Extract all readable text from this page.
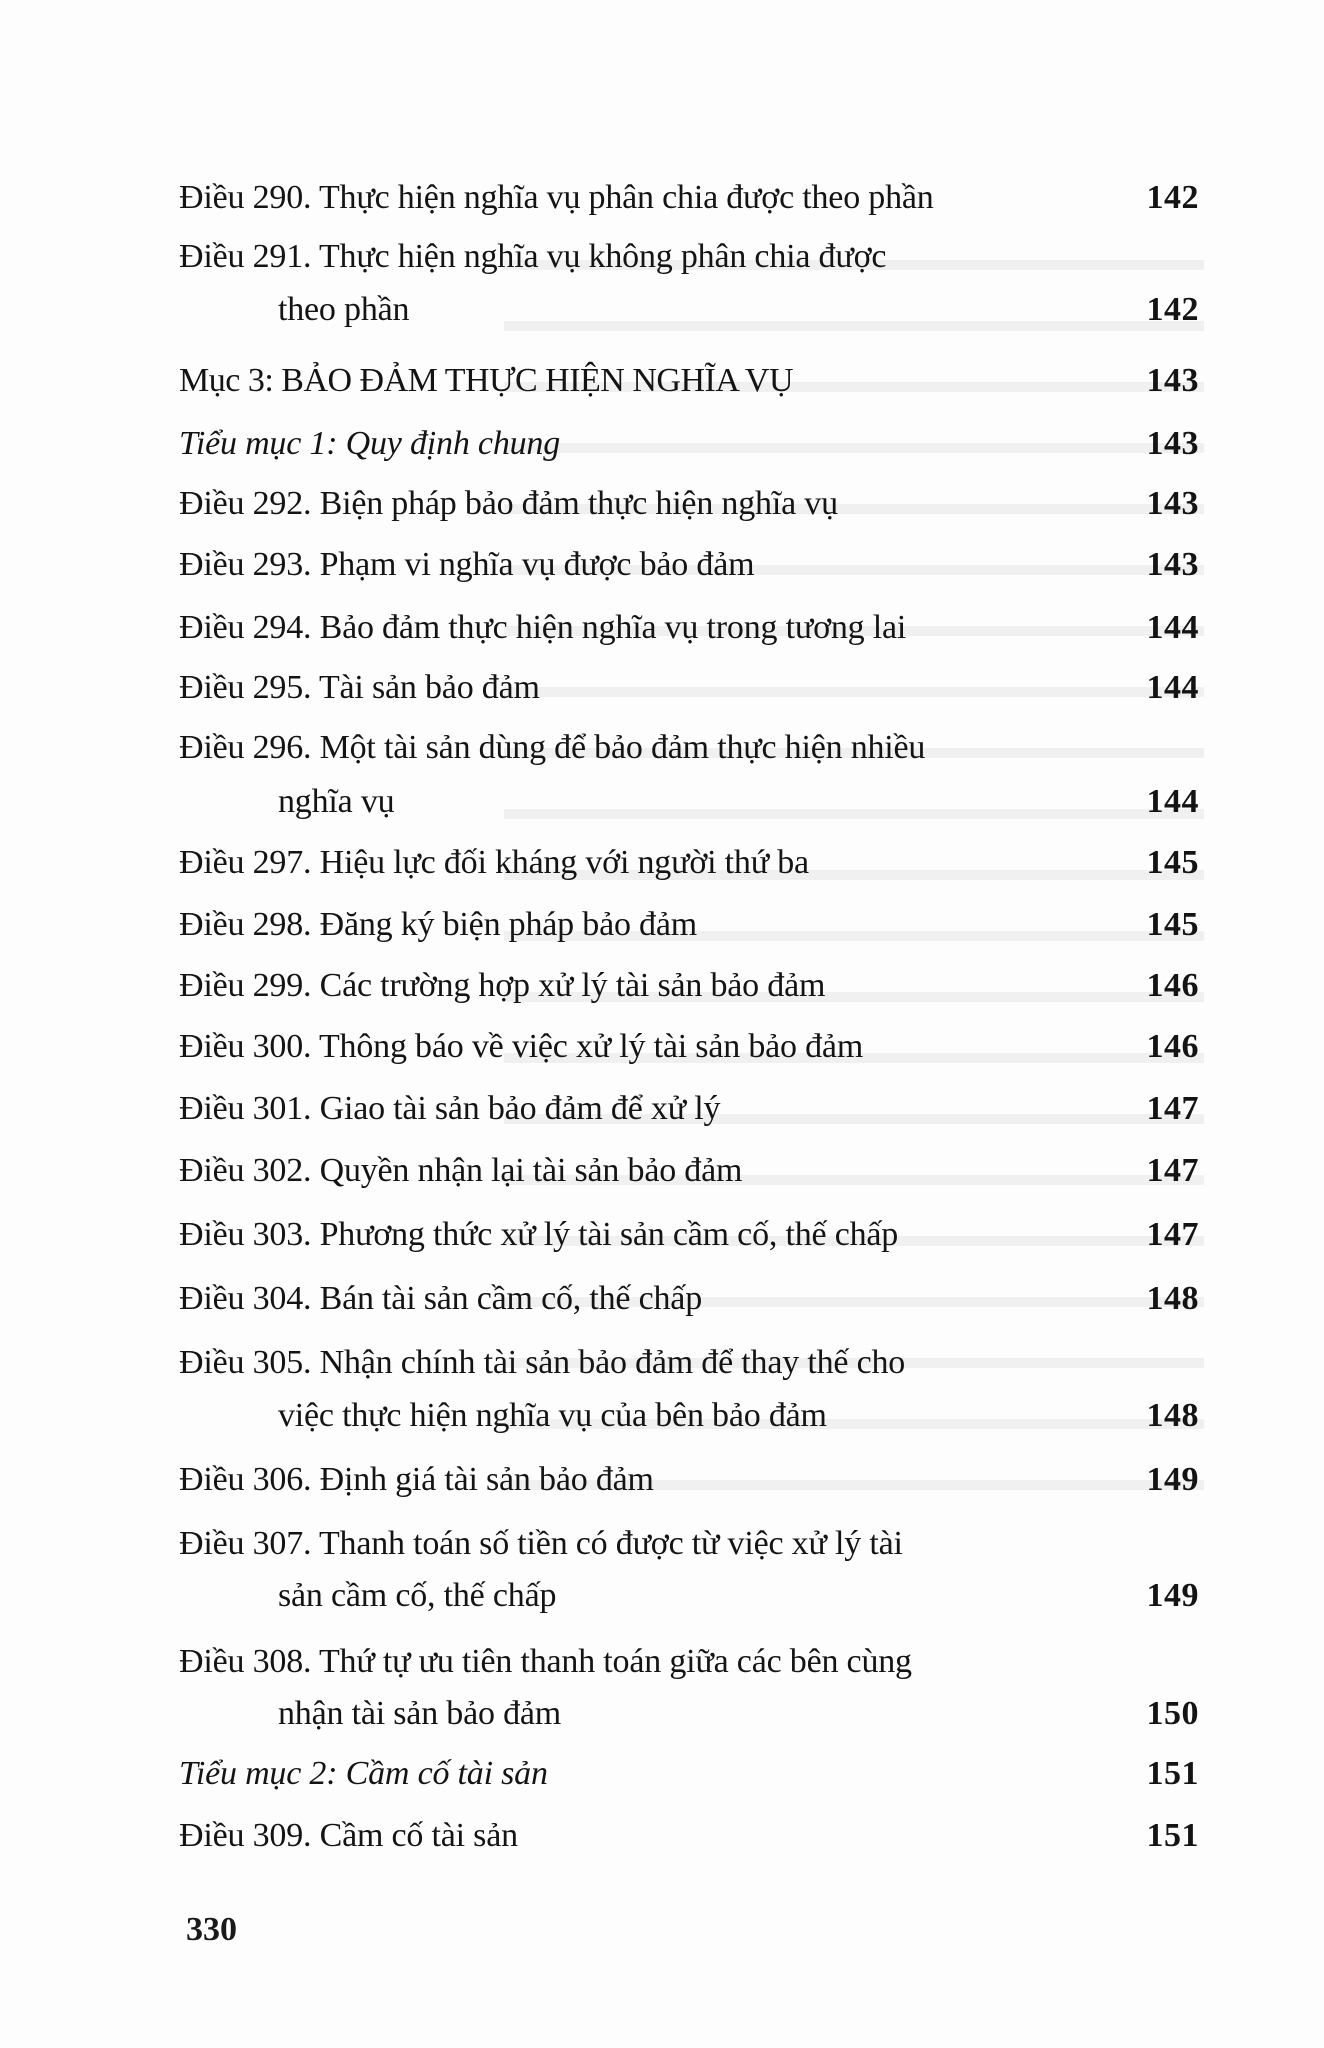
Điều 290. Thực hiện nghĩa vụ phân chia được theo phần	142
Điều 291. Thực hiện nghĩa vụ không phân chia được
theo phần	142
Mục 3: BẢO ĐẢM THỰC HIỆN NGHĨA VỤ	143
Tiểu mục 1: Quy định chung	143
Điều 292. Biện pháp bảo đảm thực hiện nghĩa vụ	143
Điều 293. Phạm vi nghĩa vụ được bảo đảm	143
Điều 294. Bảo đảm thực hiện nghĩa vụ trong tương lai	144
Điều 295. Tài sản bảo đảm	144
Điều 296. Một tài sản dùng để bảo đảm thực hiện nhiều
nghĩa vụ	144
Điều 297. Hiệu lực đối kháng với người thứ ba	145
Điều 298. Đăng ký biện pháp bảo đảm	145
Điều 299. Các trường hợp xử lý tài sản bảo đảm	146
Điều 300. Thông báo về việc xử lý tài sản bảo đảm	146
Điều 301. Giao tài sản bảo đảm để xử lý	147
Điều 302. Quyền nhận lại tài sản bảo đảm	147
Điều 303. Phương thức xử lý tài sản cầm cố, thế chấp	147
Điều 304. Bán tài sản cầm cố, thế chấp	148
Điều 305. Nhận chính tài sản bảo đảm để thay thế cho
việc thực hiện nghĩa vụ của bên bảo đảm	148
Điều 306. Định giá tài sản bảo đảm	149
Điều 307. Thanh toán số tiền có được từ việc xử lý tài
sản cầm cố, thế chấp	149
Điều 308. Thứ tự ưu tiên thanh toán giữa các bên cùng
nhận tài sản bảo đảm	150
Tiểu mục 2: Cầm cố tài sản	151
Điều 309. Cầm cố tài sản	151
330
